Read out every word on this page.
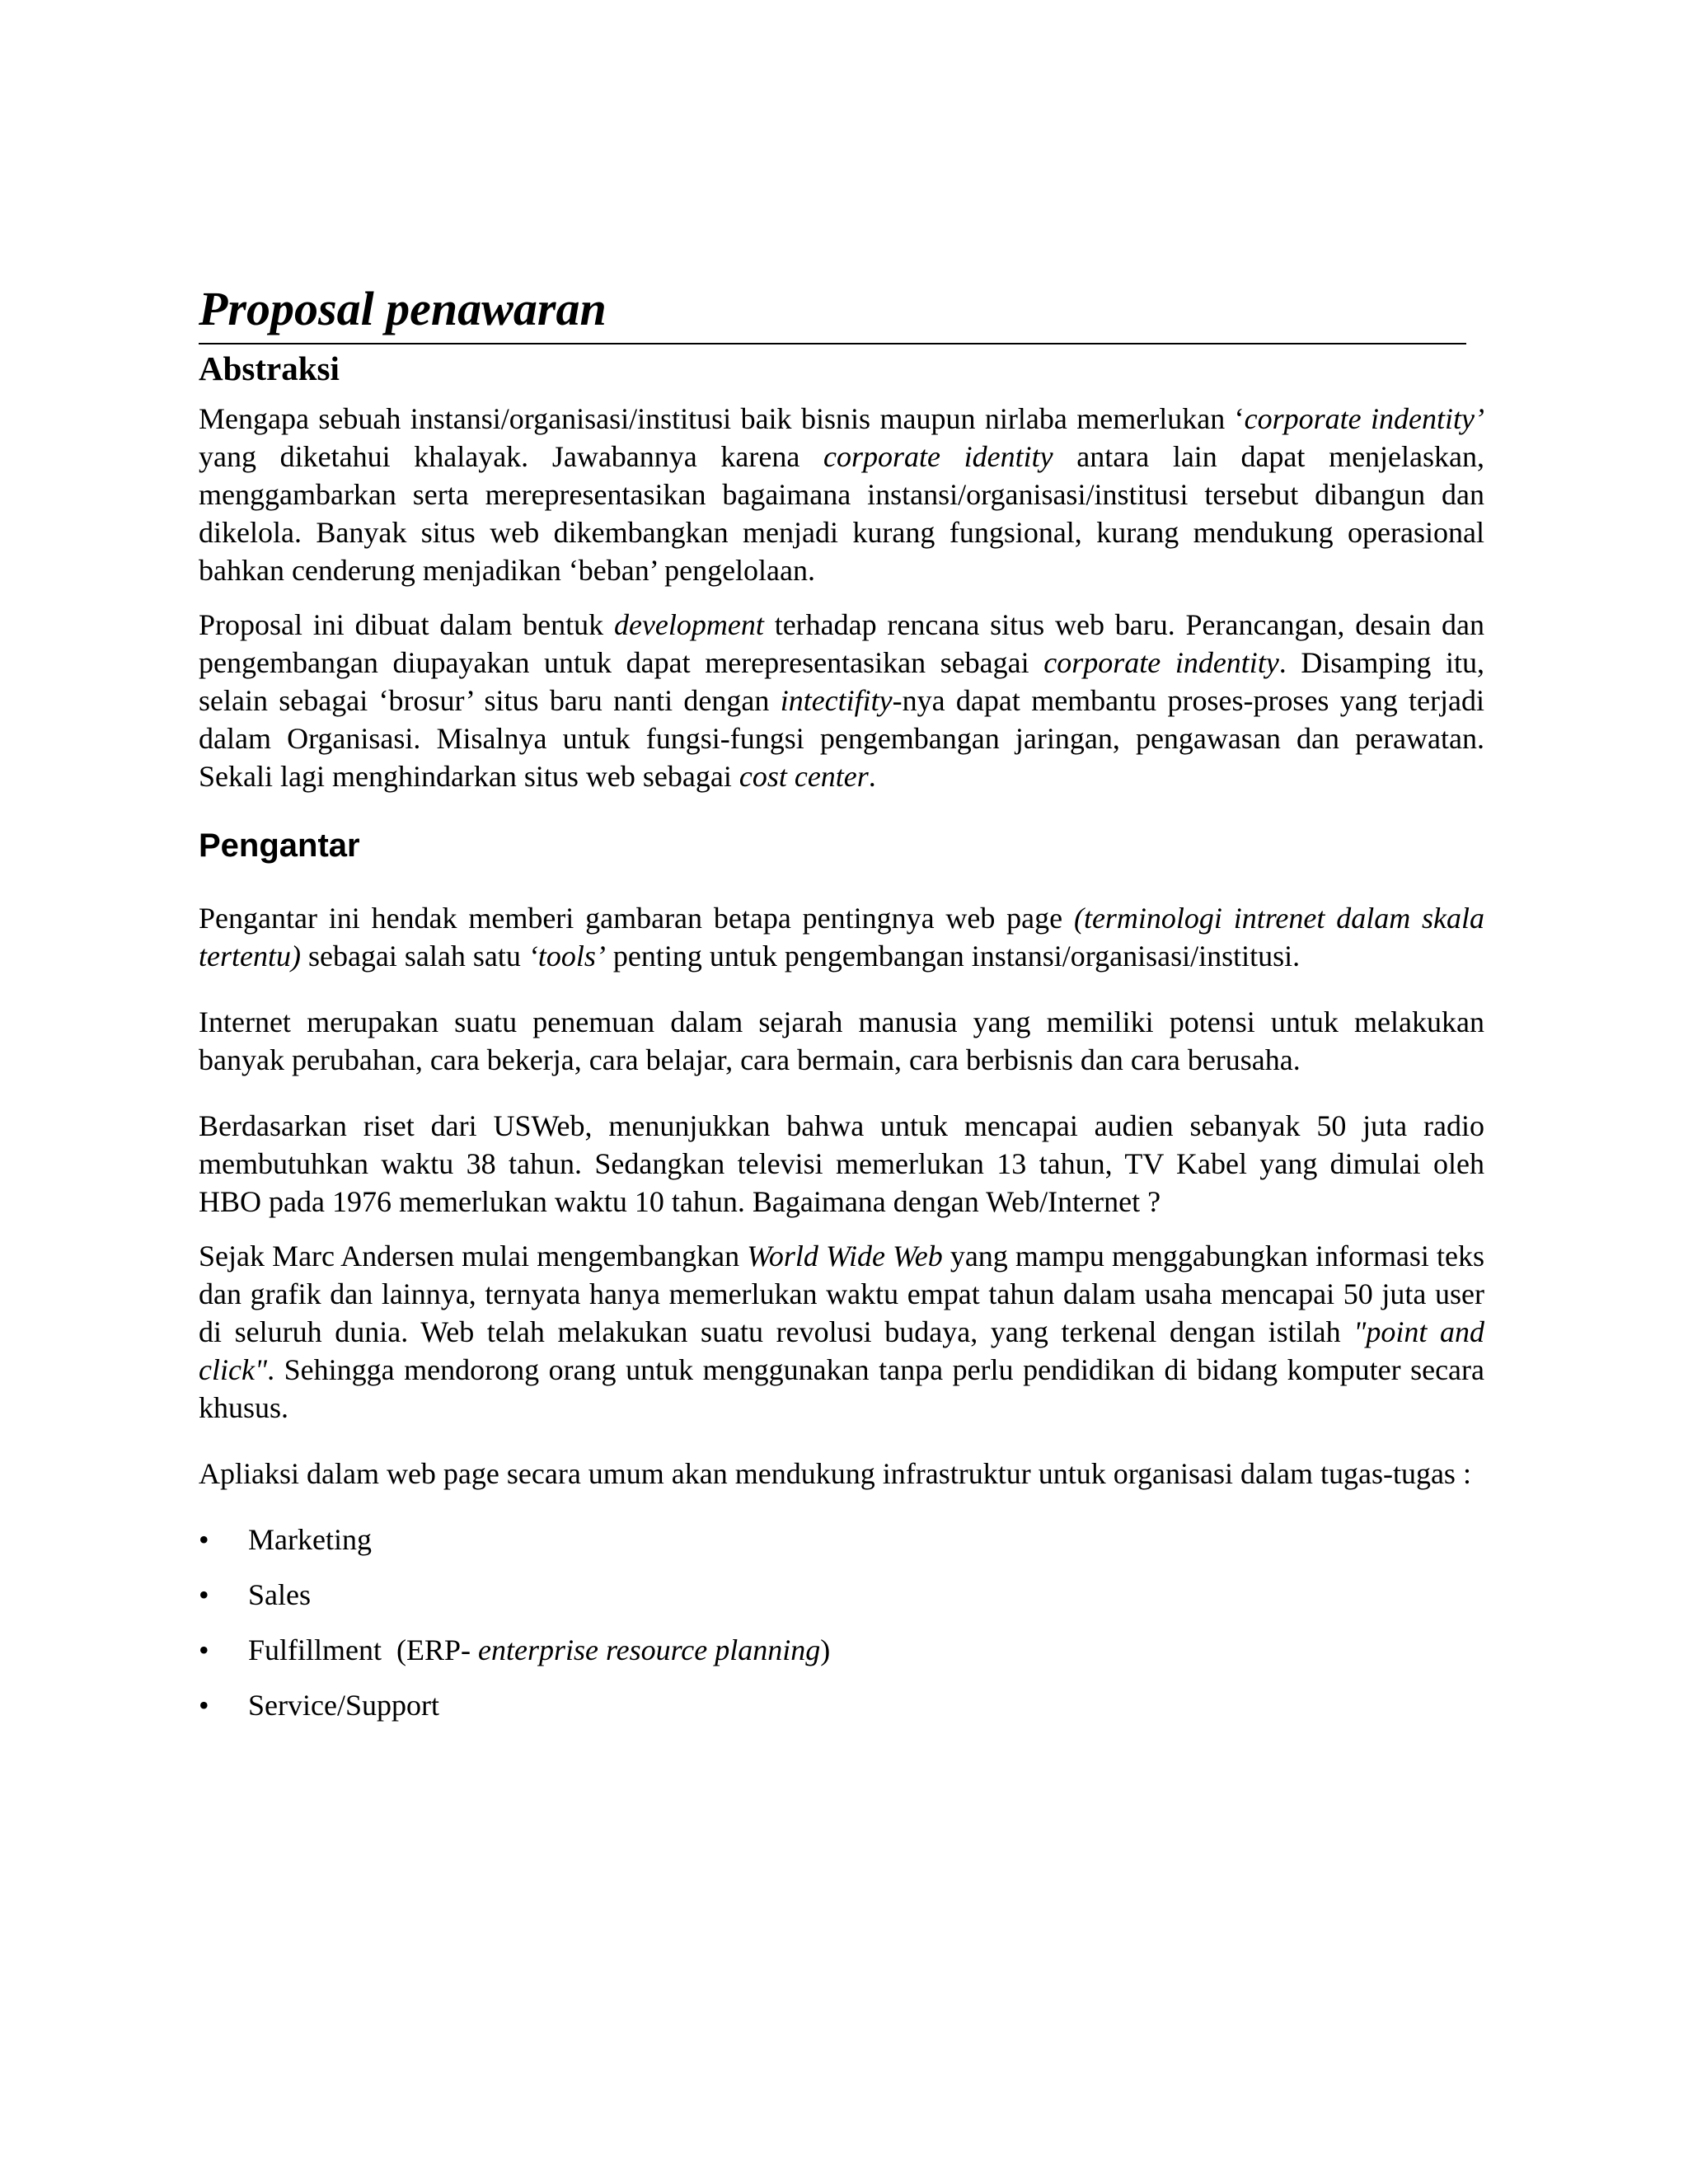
Proposal penawaran
Abstraksi

Mengapa sebuah instansi/organisasi/institusi baik bisnis maupun nirlaba memerlukan ‘corporate indentity’ yang diketahui khalayak. Jawabannya karena corporate identity antara lain dapat menjelaskan, menggambarkan serta merepresentasikan bagaimana instansi/organisasi/institusi tersebut dibangun dan dikelola. Banyak situs web dikembangkan menjadi kurang fungsional, kurang mendukung operasional bahkan cenderung menjadikan ‘beban’ pengelolaan.

Proposal ini dibuat dalam bentuk development terhadap rencana situs web baru. Perancangan, desain dan pengembangan diupayakan untuk dapat merepresentasikan sebagai corporate indentity. Disamping itu, selain sebagai ‘brosur’ situs baru nanti dengan intectifity-nya dapat membantu proses-proses yang terjadi dalam Organisasi. Misalnya untuk fungsi-fungsi pengembangan jaringan, pengawasan dan perawatan. Sekali lagi menghindarkan situs web sebagai cost center.

Pengantar

Pengantar ini hendak memberi gambaran betapa pentingnya web page (terminologi intrenet dalam skala tertentu) sebagai salah satu ‘tools’ penting untuk pengembangan instansi/organisasi/institusi.

Internet merupakan suatu penemuan dalam sejarah manusia yang memiliki potensi untuk melakukan banyak perubahan, cara bekerja, cara belajar, cara bermain, cara berbisnis dan cara berusaha.

Berdasarkan riset dari USWeb, menunjukkan bahwa untuk mencapai audien sebanyak 50 juta radio membutuhkan waktu 38 tahun. Sedangkan televisi memerlukan 13 tahun, TV Kabel yang dimulai oleh HBO pada 1976 memerlukan waktu 10 tahun. Bagaimana dengan Web/Internet ?

Sejak Marc Andersen mulai mengembangkan World Wide Web yang mampu menggabungkan informasi teks dan grafik dan lainnya, ternyata hanya memerlukan waktu empat tahun dalam usaha mencapai 50 juta user di seluruh dunia. Web telah melakukan suatu revolusi budaya, yang terkenal dengan istilah "point and click". Sehingga mendorong orang untuk menggunakan tanpa perlu pendidikan di bidang komputer secara khusus.

Apliaksi dalam web page secara umum akan mendukung infrastruktur untuk organisasi dalam tugas-tugas :

• Marketing
• Sales
• Fulfillment  (ERP- enterprise resource planning)
• Service/Support
